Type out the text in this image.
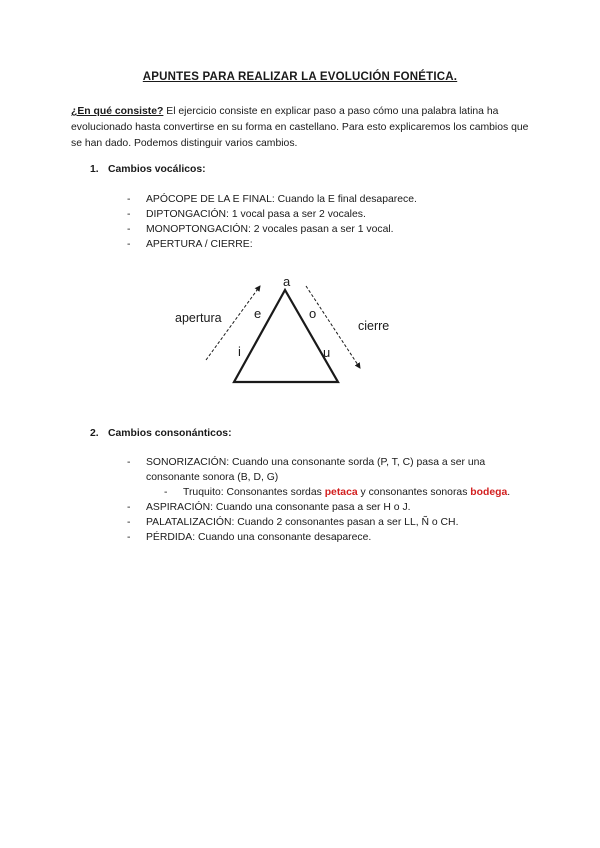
APUNTES PARA REALIZAR LA EVOLUCIÓN FONÉTICA.
¿En qué consiste? El ejercicio consiste en explicar paso a paso cómo una palabra latina ha evolucionado hasta convertirse en su forma en castellano. Para esto explicaremos los cambios que se han dado. Podemos distinguir varios cambios.
1. Cambios vocálicos:
- APÓCOPE DE LA E FINAL: Cuando la E final desaparece.
- DIPTONGACIÓN: 1 vocal pasa a ser 2 vocales.
- MONOPTONGACIÓN: 2 vocales pasan a ser 1 vocal.
- APERTURA / CIERRE:
a
e	o
i	u
apertura
cierre
2. Cambios consonánticos:
- SONORIZACIÓN: Cuando una consonante sorda (P, T, C) pasa a ser una consonante sonora (B, D, G)
- Truquito: Consonantes sordas petaca y consonantes sonoras bodega.
- ASPIRACIÓN: Cuando una consonante pasa a ser H o J.
- PALATALIZACIÓN: Cuando 2 consonantes pasan a ser LL, Ñ o CH.
- PÉRDIDA: Cuando una consonante desaparece.
